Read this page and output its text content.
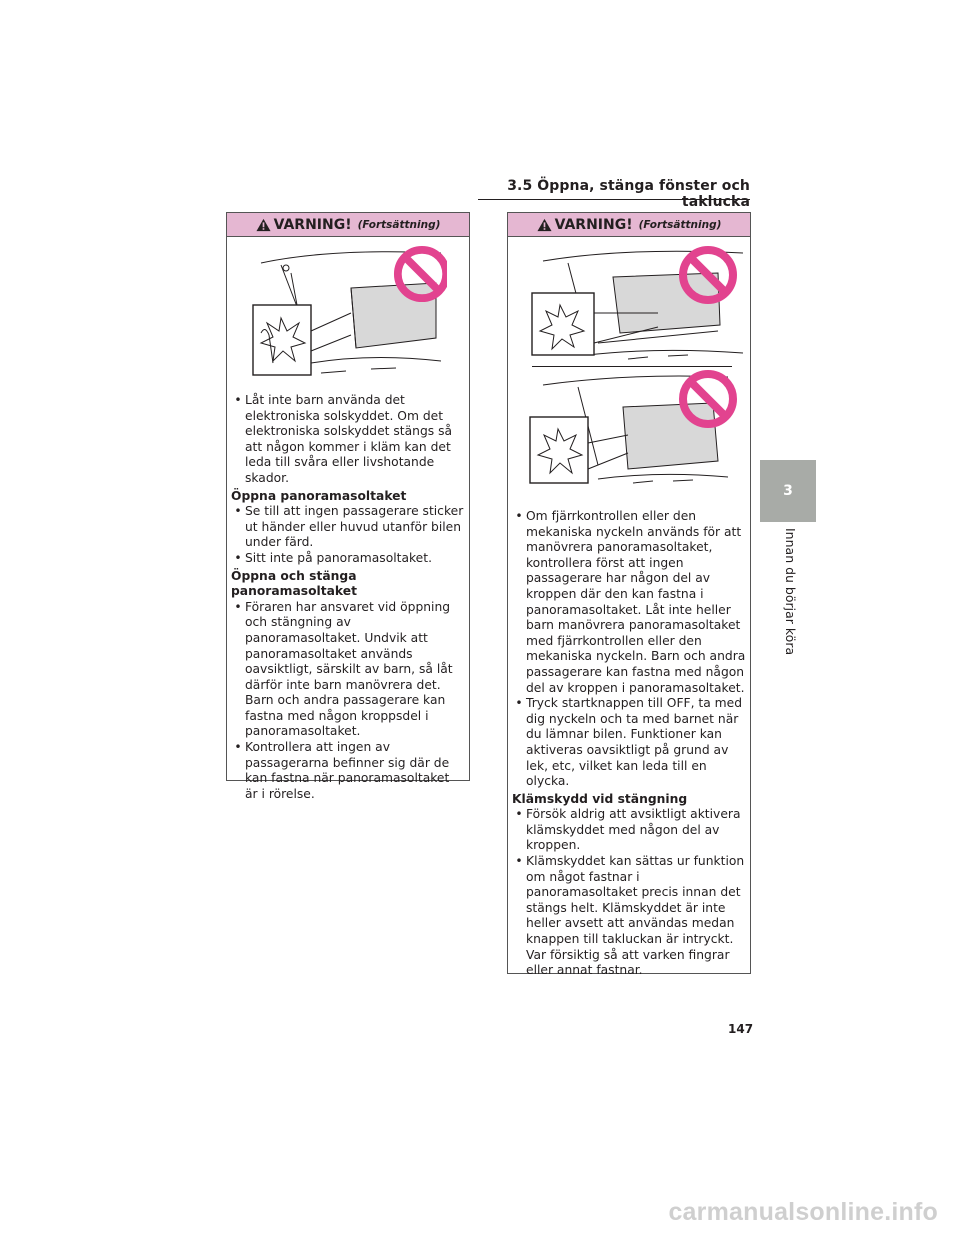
3.5 Öppna, stänga fönster och taklucka
VARNING! (Fortsättning)
• Låt inte barn använda det elektroniska solskyddet. Om det elektroniska solskyddet stängs så att någon kommer i kläm kan det leda till svåra eller livshotande skador.
Öppna panoramasoltaket
• Se till att ingen passagerare sticker ut händer eller huvud utanför bilen under färd.
• Sitt inte på panoramasoltaket.
Öppna och stänga panoramasoltaket
• Föraren har ansvaret vid öppning och stängning av panoramasoltaket. Undvik att panoramasoltaket används oavsiktligt, särskilt av barn, så låt därför inte barn manövrera det. Barn och andra passagerare kan fastna med någon kroppsdel i panoramasoltaket.
• Kontrollera att ingen av passagerarna befinner sig där de kan fastna när panoramasoltaket är i rörelse.
VARNING! (Fortsättning)
• Om fjärrkontrollen eller den mekaniska nyckeln används för att manövrera panoramasoltaket, kontrollera först att ingen passagerare har någon del av kroppen där den kan fastna i panoramasoltaket. Låt inte heller barn manövrera panoramasoltaket med fjärrkontrollen eller den mekaniska nyckeln. Barn och andra passagerare kan fastna med någon del av kroppen i panoramasoltaket.
• Tryck startknappen till OFF, ta med dig nyckeln och ta med barnet när du lämnar bilen. Funktioner kan aktiveras oavsiktligt på grund av lek, etc, vilket kan leda till en olycka.
Klämskydd vid stängning
• Försök aldrig att avsiktligt aktivera klämskyddet med någon del av kroppen.
• Klämskyddet kan sättas ur funktion om något fastnar i panoramasoltaket precis innan det stängs helt. Klämskyddet är inte heller avsett att användas medan knappen till takluckan är intryckt. Var försiktig så att varken fingrar eller annat fastnar.
3
Innan du börjar köra
147
carmanualsonline.info
